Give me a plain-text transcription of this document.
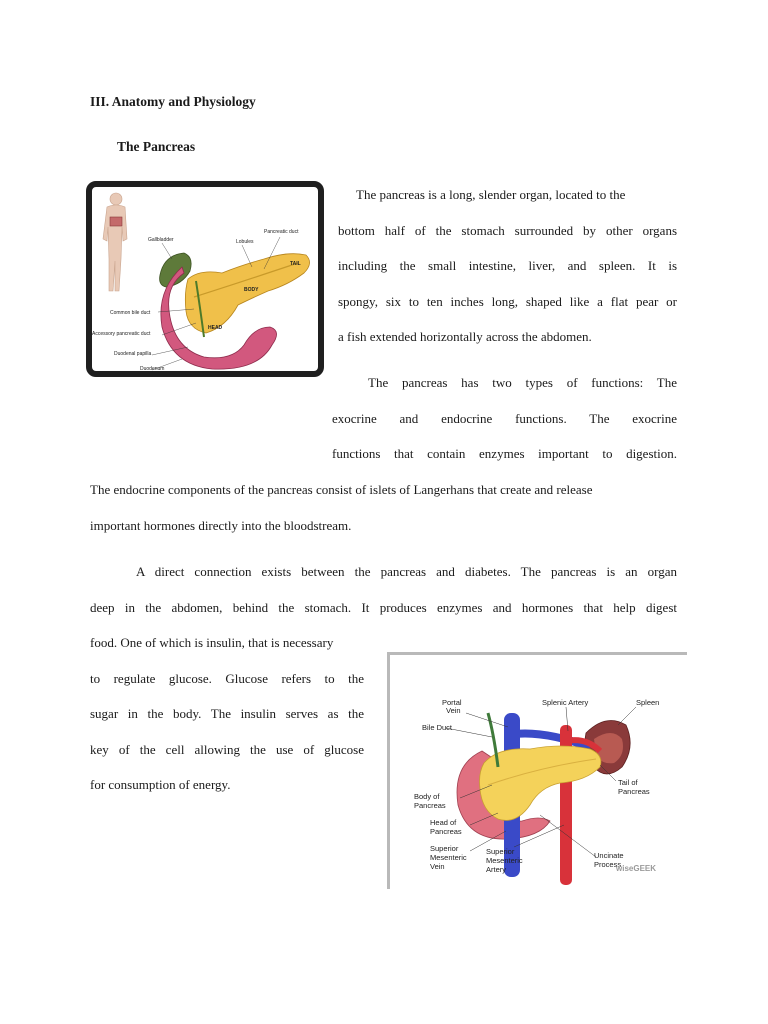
III. Anatomy and Physiology
The Pancreas
The pancreas is a long, slender organ, located to the
bottom half of the stomach surrounded by other organs
including the small intestine, liver, and spleen. It is
spongy, six to ten inches long, shaped like a flat pear or
a fish extended horizontally across the abdomen.
The pancreas has two types of functions: The
exocrine and endocrine functions. The exocrine
functions that contain enzymes important to digestion.
The endocrine components of the pancreas consist of islets of Langerhans that create and release
important hormones directly into the bloodstream.
A direct connection exists between the pancreas and diabetes. The pancreas is an organ
deep in the abdomen, behind the stomach. It produces enzymes and hormones that help digest
food. One of which is insulin, that is necessary
to regulate glucose. Glucose refers to the
sugar in the body. The insulin serves as the
key of the cell allowing the use of glucose
for consumption of energy.
Gallbladder	Lobules
Pancreatic duct
TAIL
BODY
HEAD
Common bile duct
Accessory pancreatic duct
Duodenal papilla
Duodenum
Portal
Vein
Splenic Artery	Spleen
Bile Duct
Tail of
Pancreas
Body of
Pancreas
Head of
Pancreas
Superior
Mesenteric
Vein
Superior
Mesenteric
Artery
Uncinate
Process
wiseGEEK
